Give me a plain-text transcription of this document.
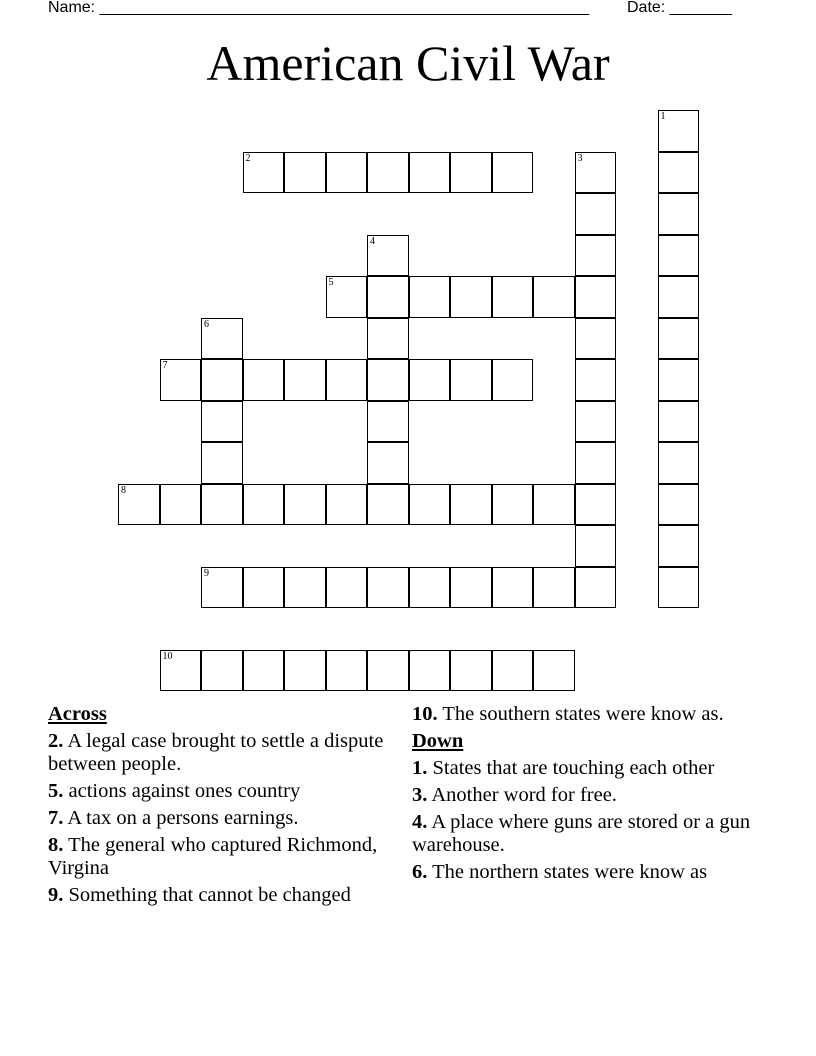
Name: _______________________________________________________ Date: _______
American Civil War
1
2	3
4
5
6
7
8
9
10
Across
2. A legal case brought to settle a dispute between people.
5. actions against ones country
7. A tax on a persons earnings.
8. The general who captured Richmond, Virgina
9. Something that cannot be changed
10. The southern states were know as.
Down
1. States that are touching each other
3. Another word for free.
4. A place where guns are stored or a gun warehouse.
6. The northern states were know as
